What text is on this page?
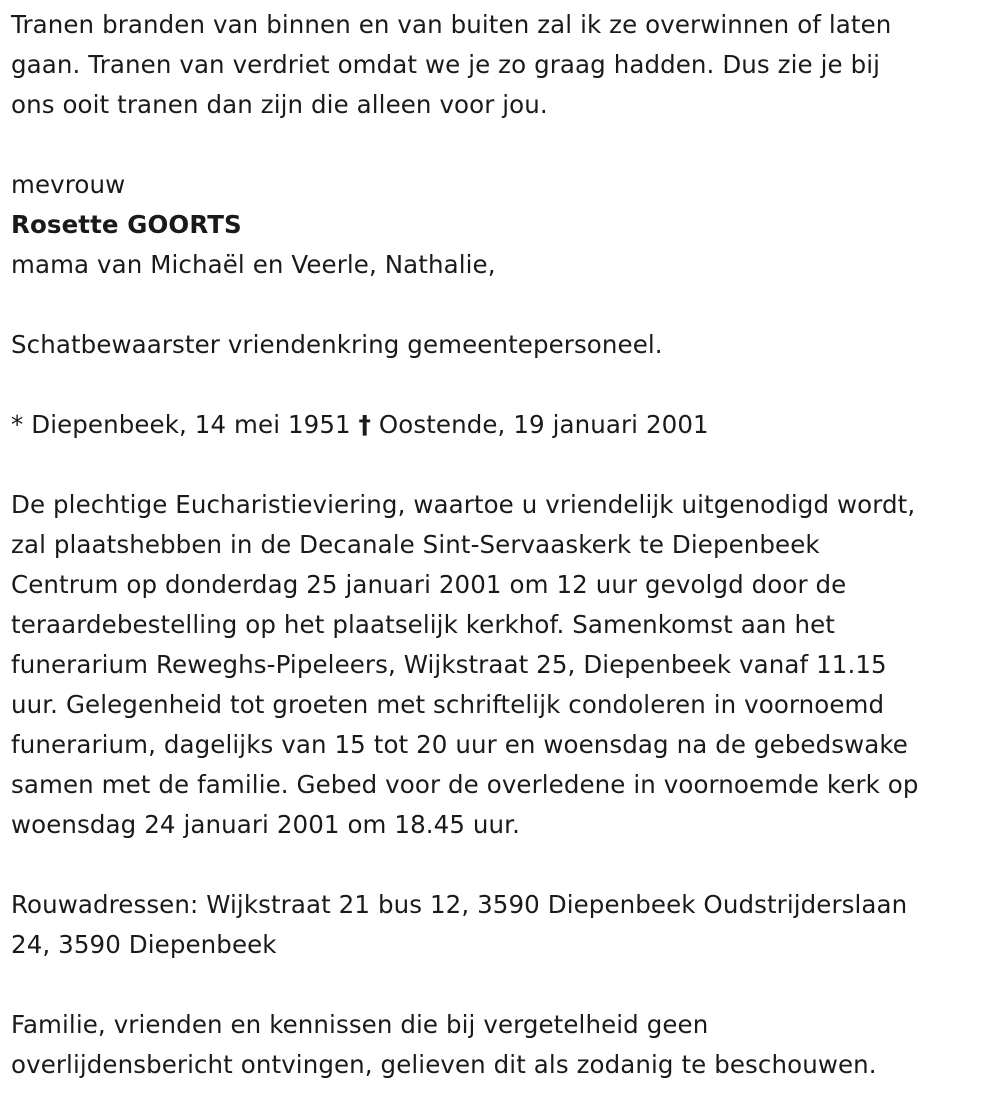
Tranen branden van binnen en van buiten zal ik ze overwinnen of laten
gaan. Tranen van verdriet omdat we je zo graag hadden. Dus zie je bij
ons ooit tranen dan zijn die alleen voor jou.

mevrouw

Rosette GOORTS

mama van Michaël en Veerle, Nathalie,

Schatbewaarster vriendenkring gemeentepersoneel.

* Diepenbeek, 14 mei 1951 † Oostende, 19 januari 2001

De plechtige Eucharistieviering, waartoe u vriendelijk uitgenodigd wordt,
zal plaatshebben in de Decanale Sint-Servaaskerk te Diepenbeek
Centrum op donderdag 25 januari 2001 om 12 uur gevolgd door de
teraardebestelling op het plaatselijk kerkhof. Samenkomst aan het
funerarium Reweghs-Pipeleers, Wijkstraat 25, Diepenbeek vanaf 11.15
uur. Gelegenheid tot groeten met schriftelijk condoleren in voornoemd
funerarium, dagelijks van 15 tot 20 uur en woensdag na de gebedswake
samen met de familie. Gebed voor de overledene in voornoemde kerk op
woensdag 24 januari 2001 om 18.45 uur.

Rouwadressen: Wijkstraat 21 bus 12, 3590 Diepenbeek Oudstrijderslaan
24, 3590 Diepenbeek

Familie, vrienden en kennissen die bij vergetelheid geen
overlijdensbericht ontvingen, gelieven dit als zodanig te beschouwen.
